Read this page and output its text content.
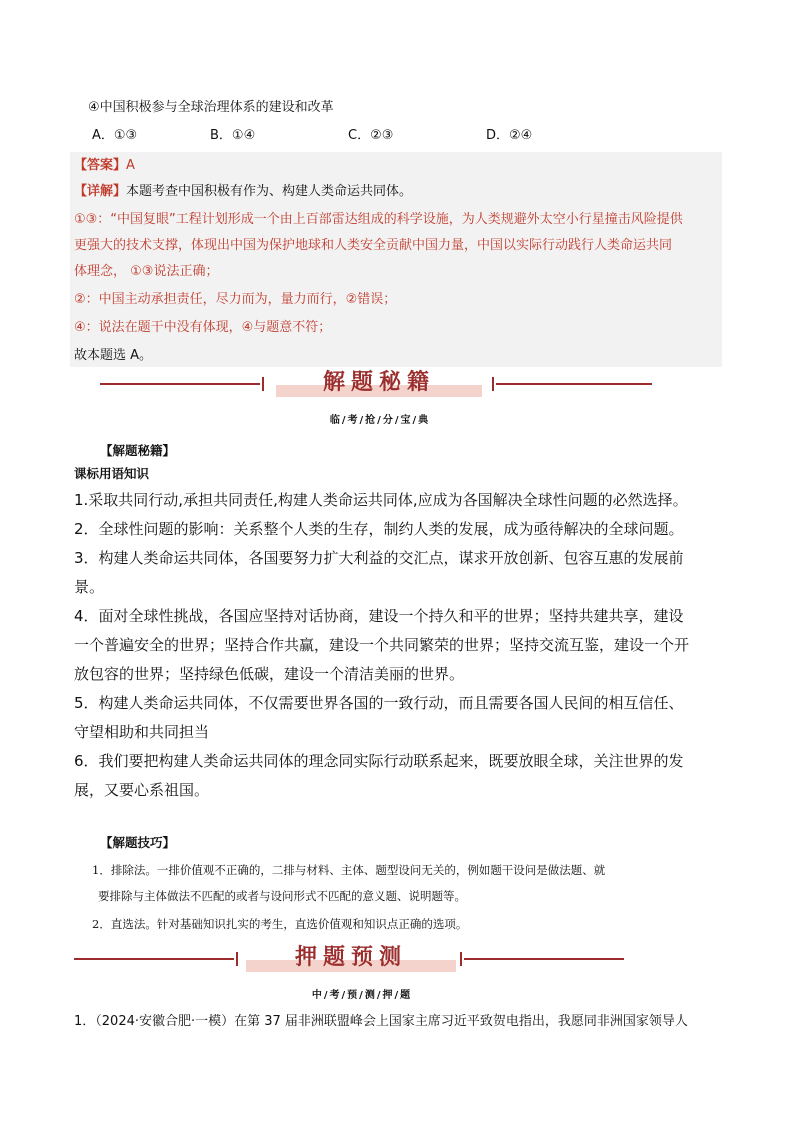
④中国积极参与全球治理体系的建设和改革
A．①③	B．①④	C．②③	D．②④
【答案】A
【详解】本题考查中国积极有作为、构建人类命运共同体。
①③：“中国复眼”工程计划形成一个由上百部雷达组成的科学设施，为人类规避外太空小行星撞击风险提供
更强大的技术支撑，体现出中国为保护地球和人类安全贡献中国力量，中国以实际行动践行人类命运共同
体理念， ①③说法正确；
②：中国主动承担责任，尽力而为，量力而行，②错误；
④：说法在题干中没有体现，④与题意不符；
故本题选 A。
解题秘籍
临/考/抢/分/宝/典
【解题秘籍】
课标用语知识
1.采取共同行动,承担共同责任,构建人类命运共同体,应成为各国解决全球性问题的必然选择。
2．全球性问题的影响：关系整个人类的生存，制约人类的发展，成为亟待解决的全球问题。
3．构建人类命运共同体，各国要努力扩大利益的交汇点，谋求开放创新、包容互惠的发展前
景。
4．面对全球性挑战，各国应坚持对话协商，建设一个持久和平的世界；坚持共建共享，建设
一个普遍安全的世界；坚持合作共赢，建设一个共同繁荣的世界；坚持交流互鉴，建设一个开
放包容的世界；坚持绿色低碳，建设一个清洁美丽的世界。
5．构建人类命运共同体，不仅需要世界各国的一致行动，而且需要各国人民间的相互信任、
守望相助和共同担当
6．我们要把构建人类命运共同体的理念同实际行动联系起来，既要放眼全球，关注世界的发
展，又要心系祖国。
【解题技巧】
1．排除法。一排价值观不正确的，二排与材料、主体、题型设问无关的，例如题干设问是做法题、就
要排除与主体做法不匹配的或者与设问形式不匹配的意义题、说明题等。
2．直选法。针对基础知识扎实的考生，直选价值观和知识点正确的选项。
押题预测
中/考/预/测/押/题
1．（2024·安徽合肥·一模）在第 37 届非洲联盟峰会上国家主席习近平致贺电指出，我愿同非洲国家领导人
